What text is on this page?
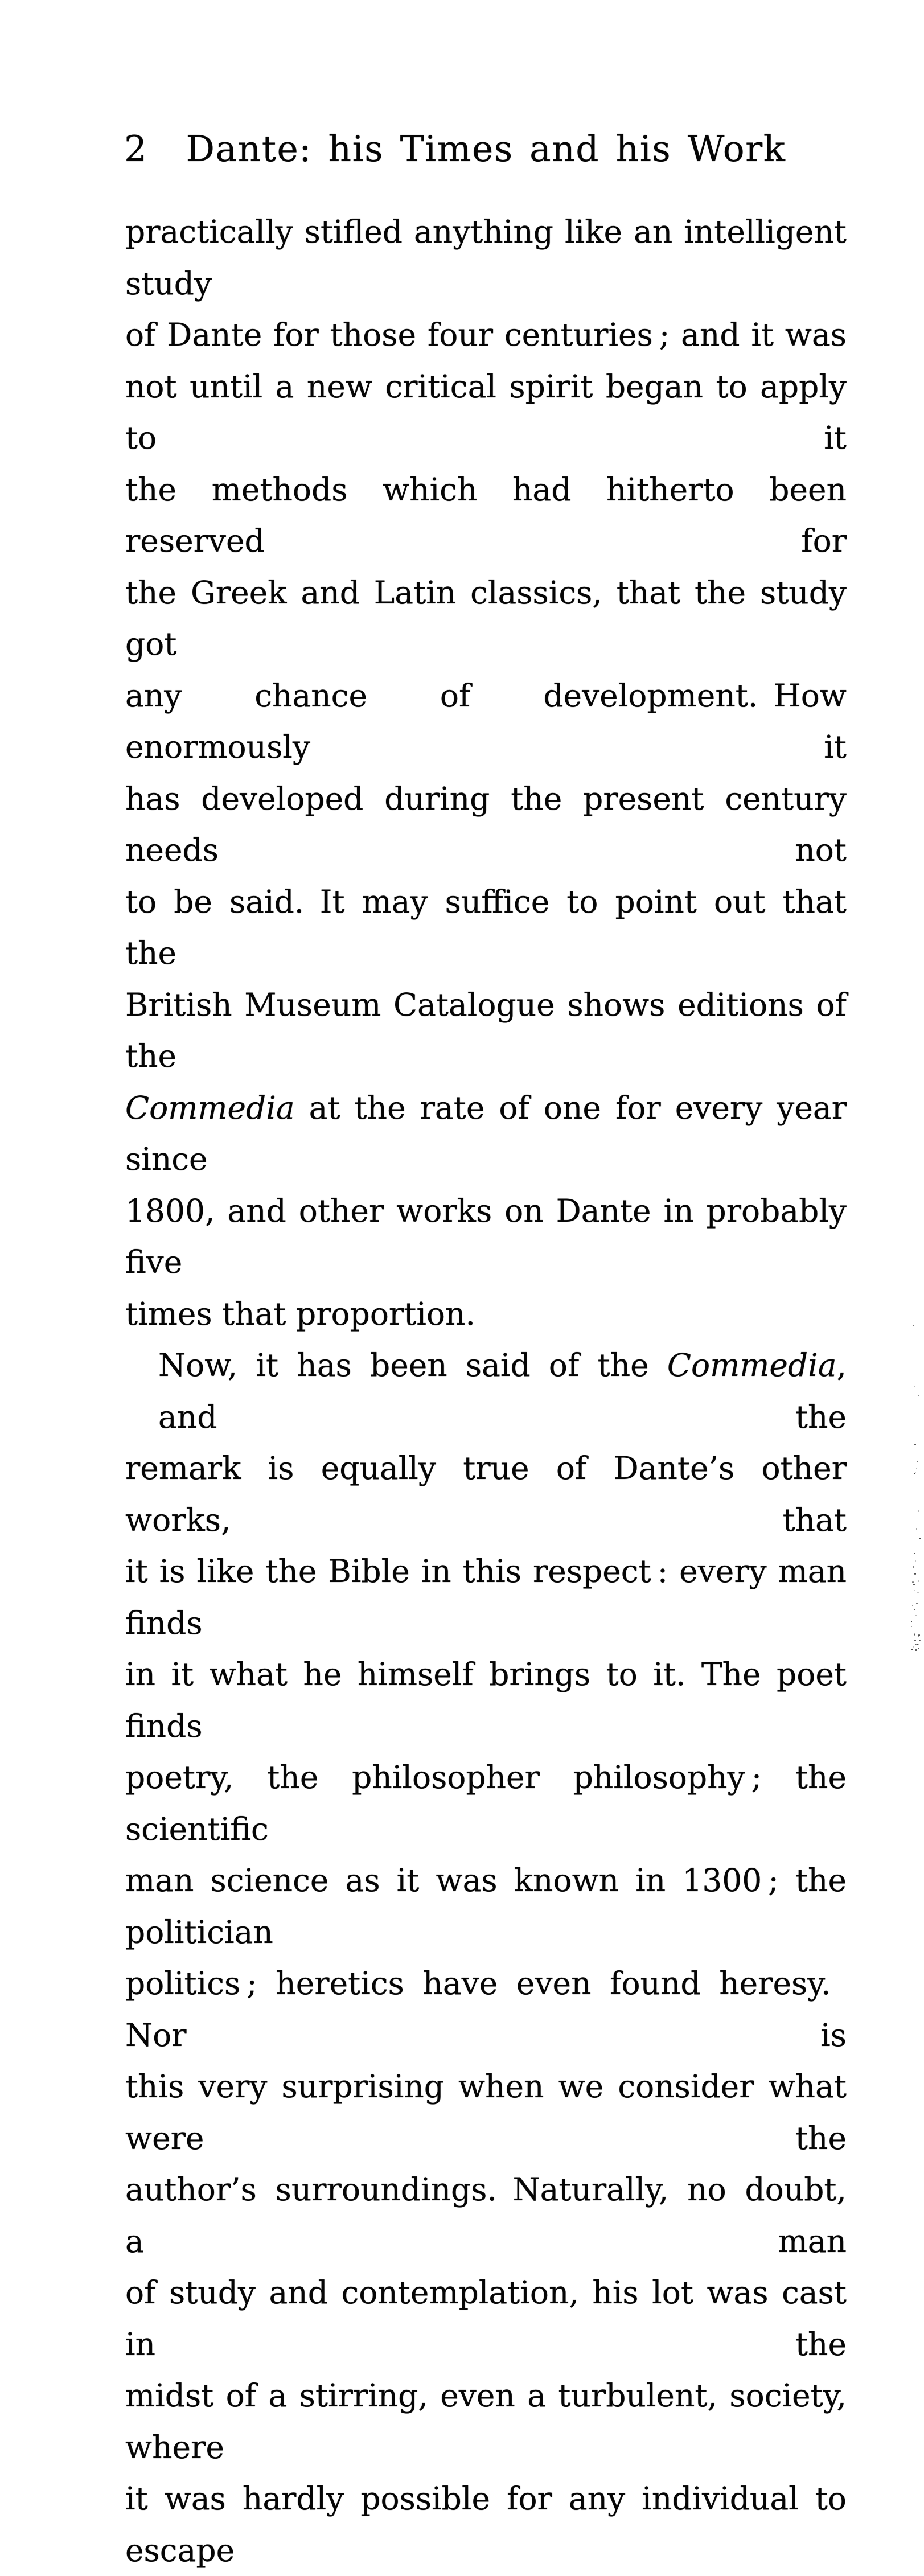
2	Dante: his Times and his Work
practically stifled anything like an intelligent study
of Dante for those four centuries ; and it was
not until a new critical spirit began to apply to it
the methods which had hitherto been reserved for
the Greek and Latin classics, that the study got
any chance of development. How enormously it
has developed during the present century needs not
to be said. It may suffice to point out that the
British Museum Catalogue shows editions of the
Commedia at the rate of one for every year since
1800, and other works on Dante in probably five
times that proportion.
Now, it has been said of the Commedia, and the
remark is equally true of Dante’s other works, that
it is like the Bible in this respect : every man finds
in it what he himself brings to it. The poet finds
poetry, the philosopher philosophy ; the scientific
man science as it was known in 1300 ; the politician
politics ; heretics have even found heresy. Nor is
this very surprising when we consider what were the
author’s surroundings. Naturally, no doubt, a man
of study and contemplation, his lot was cast in the
midst of a stirring, even a turbulent, society, where
it was hardly possible for any individual to escape
